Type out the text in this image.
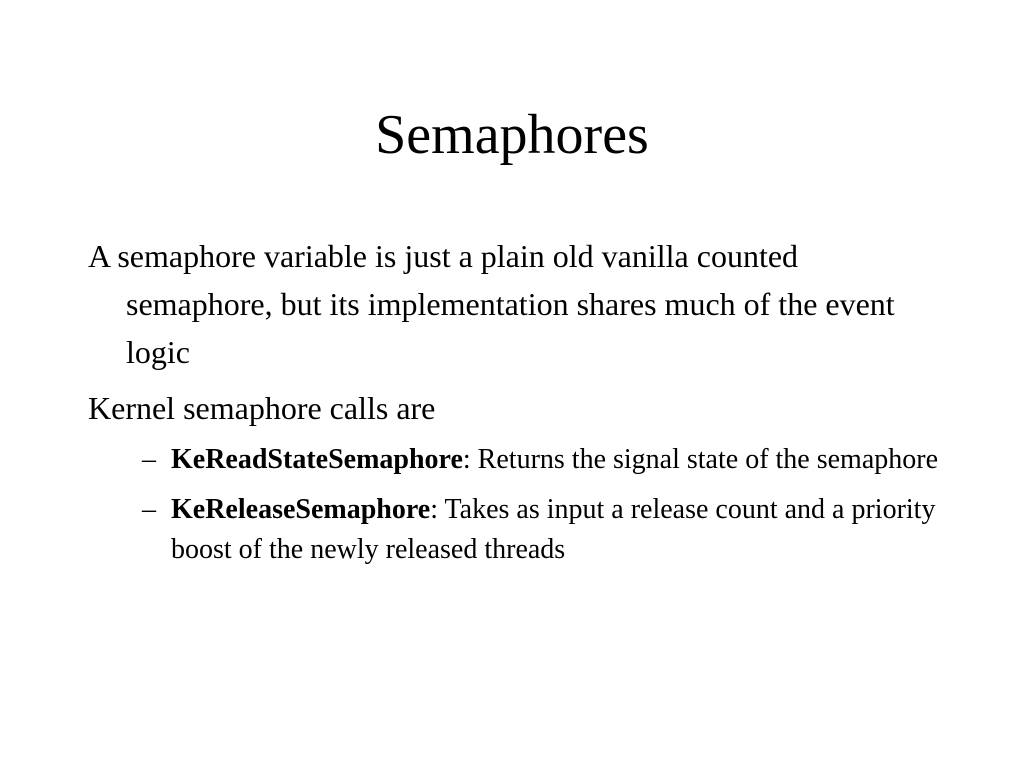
Semaphores

A semaphore variable is just a plain old vanilla counted semaphore, but its implementation shares much of the event logic

Kernel semaphore calls are

– KeReadStateSemaphore: Returns the signal state of the semaphore

– KeReleaseSemaphore: Takes as input a release count and a priority boost of the newly released threads
